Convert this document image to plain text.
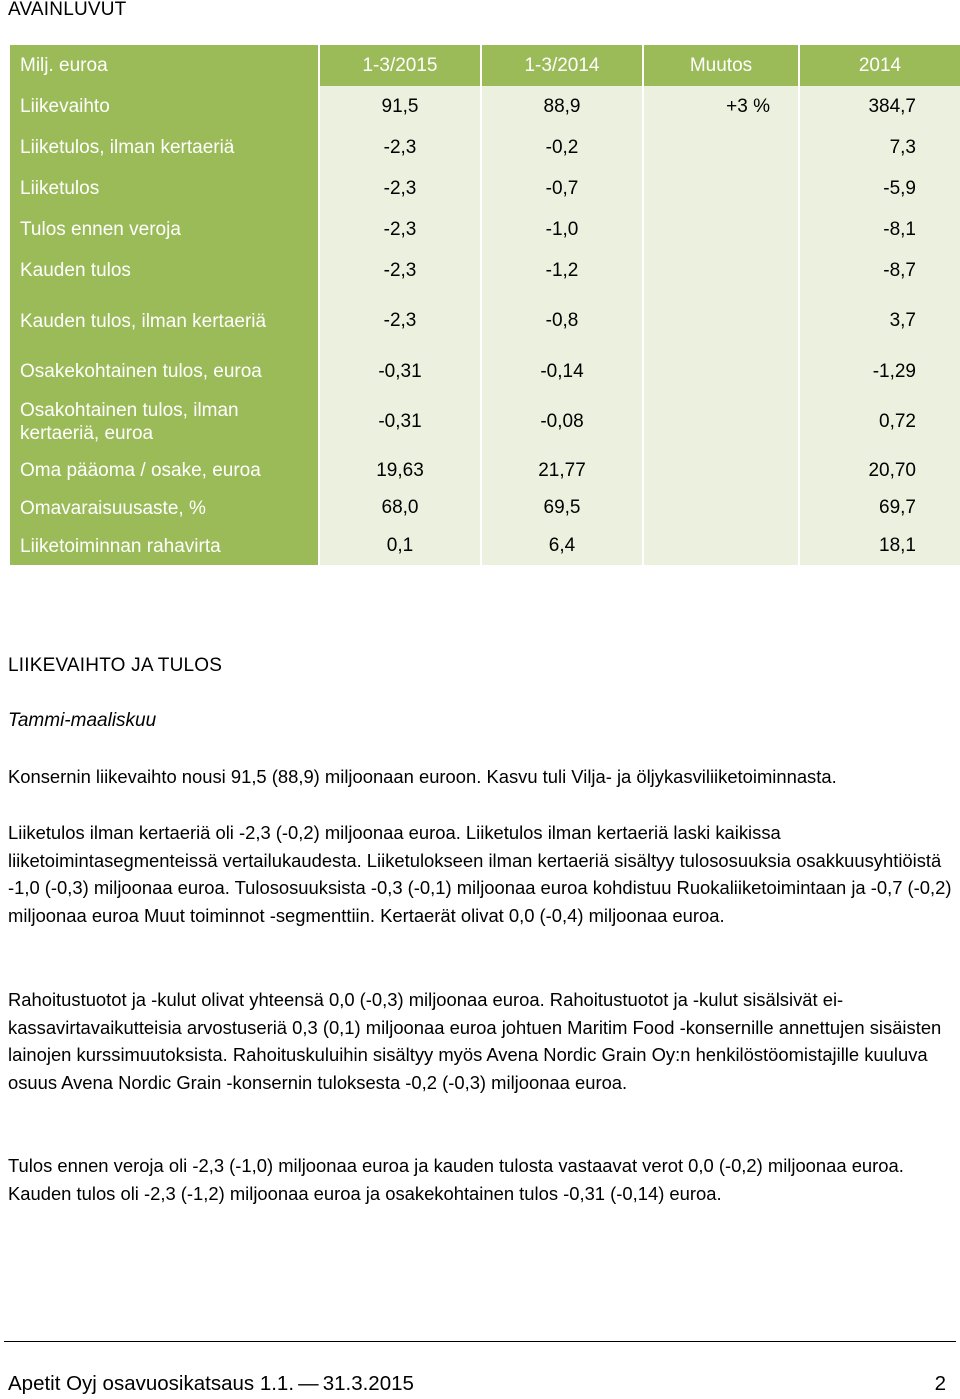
AVAINLUVUT
Milj. euroa	1-3/2015	1-3/2014	Muutos	2014
Liikevaihto	91,5	88,9	+3 %	384,7
Liiketulos, ilman kertaeriä	-2,3	-0,2		7,3
Liiketulos	-2,3	-0,7		-5,9
Tulos ennen veroja	-2,3	-1,0		-8,1
Kauden tulos	-2,3	-1,2		-8,7
Kauden tulos, ilman kertaeriä	-2,3	-0,8		3,7
Osakekohtainen tulos, euroa	-0,31	-0,14		-1,29
Osakohtainen tulos, ilman kertaeriä, euroa	-0,31	-0,08		0,72
Oma pääoma / osake, euroa	19,63	21,77		20,70
Omavaraisuusaste, %	68,0	69,5		69,7
Liiketoiminnan rahavirta	0,1	6,4		18,1
LIIKEVAIHTO JA TULOS
Tammi-maaliskuu
Konsernin liikevaihto nousi 91,5 (88,9) miljoonaan euroon. Kasvu tuli Vilja- ja öljykasviliiketoiminnasta.
Liiketulos ilman kertaeriä oli -2,3 (-0,2) miljoonaa euroa. Liiketulos ilman kertaeriä laski kaikissa liiketoimintasegmenteissä vertailukaudesta. Liiketulokseen ilman kertaeriä sisältyy tulososuuksia osakkuusyhtiöistä -1,0 (-0,3) miljoonaa euroa. Tulososuuksista -0,3 (-0,1) miljoonaa euroa kohdistuu Ruokaliiketoimintaan ja -0,7 (-0,2) miljoonaa euroa Muut toiminnot -segmenttiin. Kertaerät olivat 0,0 (-0,4) miljoonaa euroa.
Rahoitustuotot ja -kulut olivat yhteensä 0,0 (-0,3) miljoonaa euroa. Rahoitustuotot ja -kulut sisälsivät ei-kassavirtavaikutteisia arvostuseriä 0,3 (0,1) miljoonaa euroa johtuen Maritim Food -konsernille annettujen sisäisten lainojen kurssimuutoksista. Rahoituskuluihin sisältyy myös Avena Nordic Grain Oy:n henkilöstöomistajille kuuluva osuus Avena Nordic Grain -konsernin tuloksesta -0,2 (-0,3) miljoonaa euroa.
Tulos ennen veroja oli -2,3 (-1,0) miljoonaa euroa ja kauden tulosta vastaavat verot 0,0 (-0,2) miljoonaa euroa. Kauden tulos oli -2,3 (-1,2) miljoonaa euroa ja osakekohtainen tulos -0,31 (-0,14) euroa.
Apetit Oyj osavuosikatsaus 1.1. — 31.3.2015	2
